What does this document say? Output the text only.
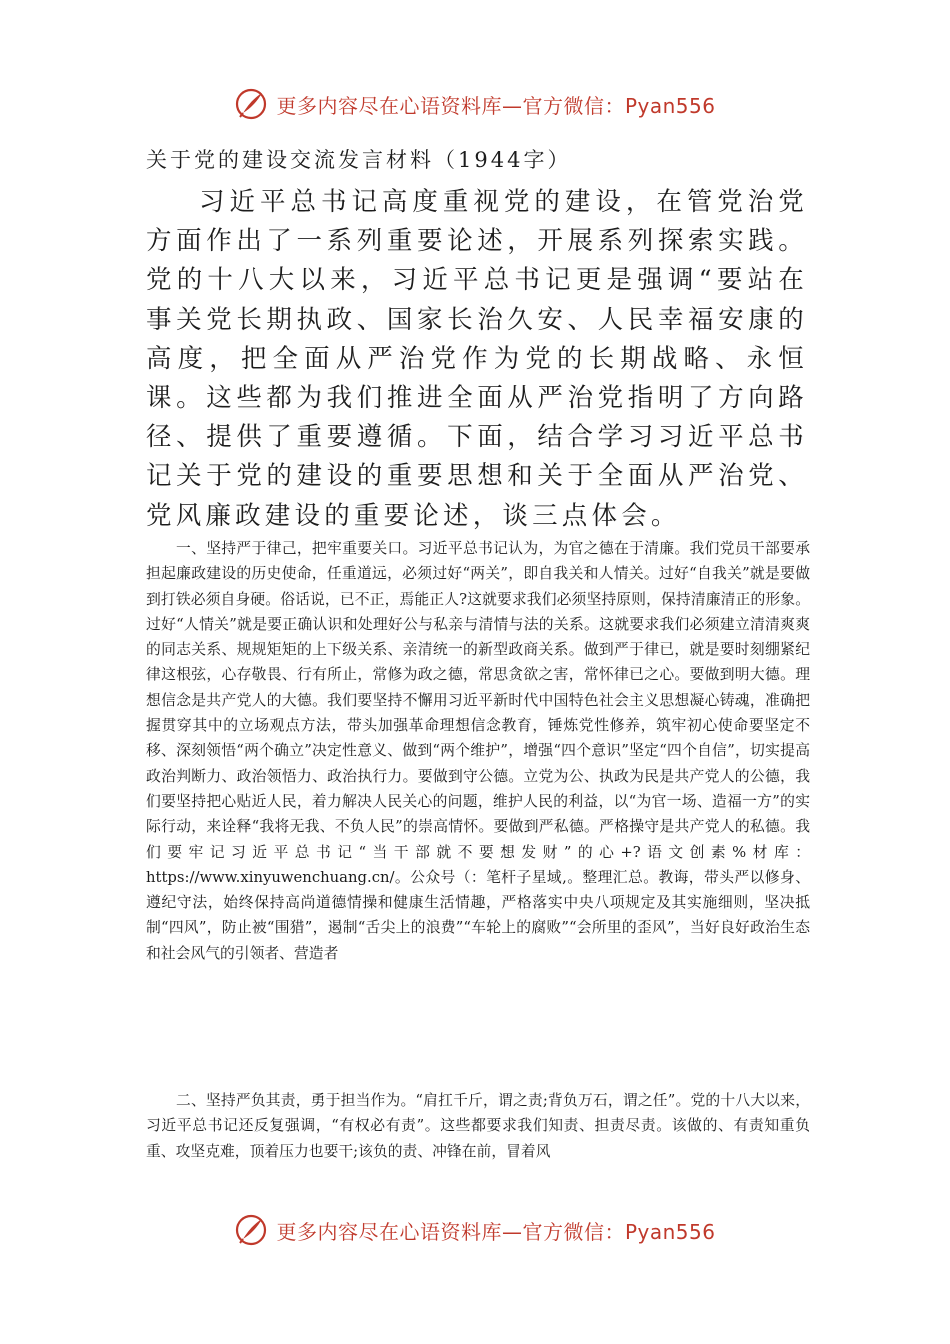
更多内容尽在心语资料库—官方微信：Pyan556
关于党的建设交流发言材料（1944字）
习近平总书记高度重视党的建设，在管党治党方面作出了一系列重要论述，开展系列探索实践。党的十八大以来，习近平总书记更是强调“要站在事关党长期执政、国家长治久安、人民幸福安康的高度，把全面从严治党作为党的长期战略、永恒课。这些都为我们推进全面从严治党指明了方向路径、提供了重要遵循。下面，结合学习习近平总书记关于党的建设的重要思想和关于全面从严治党、党风廉政建设的重要论述，谈三点体会。
一、坚持严于律己，把牢重要关口。习近平总书记认为，为官之德在于清廉。我们党员干部要承担起廉政建设的历史使命，任重道远，必须过好“两关”，即自我关和人情关。过好“自我关”就是要做到打铁必须自身硬。俗话说，已不正，焉能正人?这就要求我们必须坚持原则，保持清廉清正的形象。过好“人情关”就是要正确认识和处理好公与私亲与清情与法的关系。这就要求我们必须建立清清爽爽的同志关系、规规矩矩的上下级关系、亲清统一的新型政商关系。做到严于律已，就是要时刻绷紧纪律这根弦，心存敬畏、行有所止，常修为政之德，常思贪欲之害，常怀律已之心。要做到明大德。理想信念是共产党人的大德。我们要坚持不懈用习近平新时代中国特色社会主义思想凝心铸魂，准确把握贯穿其中的立场观点方法，带头加强革命理想信念教育，锤炼党性修养，筑牢初心使命要坚定不移、深刻领悟“两个确立”决定性意义、做到“两个维护”，增强“四个意识”坚定“四个自信”，切实提高政治判断力、政治领悟力、政治执行力。要做到守公德。立党为公、执政为民是共产党人的公德，我们要坚持把心贴近人民，着力解决人民关心的问题，维护人民的利益，以“为官一场、造福一方”的实际行动，来诠释“我将无我、不负人民”的崇高情怀。要做到严私德。严格操守是共产党人的私德。我们要牢记习近平总书记“当干部就不要想发财”的心+?语文创素%材库：https://www.xinyuwenchuang.cn/。公众号（：笔杆子星域,。整理汇总。教诲，带头严以修身、遵纪守法，始终保持高尚道德情操和健康生活情趣，严格落实中央八项规定及其实施细则，坚决抵制“四风”，防止被“围猎”，遏制“舌尖上的浪费”“车轮上的腐败”“会所里的歪风”，当好良好政治生态和社会风气的引领者、营造者
二、坚持严负其责，勇于担当作为。“肩扛千斤，谓之责;背负万石，谓之任”。党的十八大以来，习近平总书记还反复强调，“有权必有责”。这些都要求我们知责、担责尽责。该做的、有责知重负重、攻坚克难，顶着压力也要干;该负的责、冲锋在前，冒着风
更多内容尽在心语资料库—官方微信：Pyan556
